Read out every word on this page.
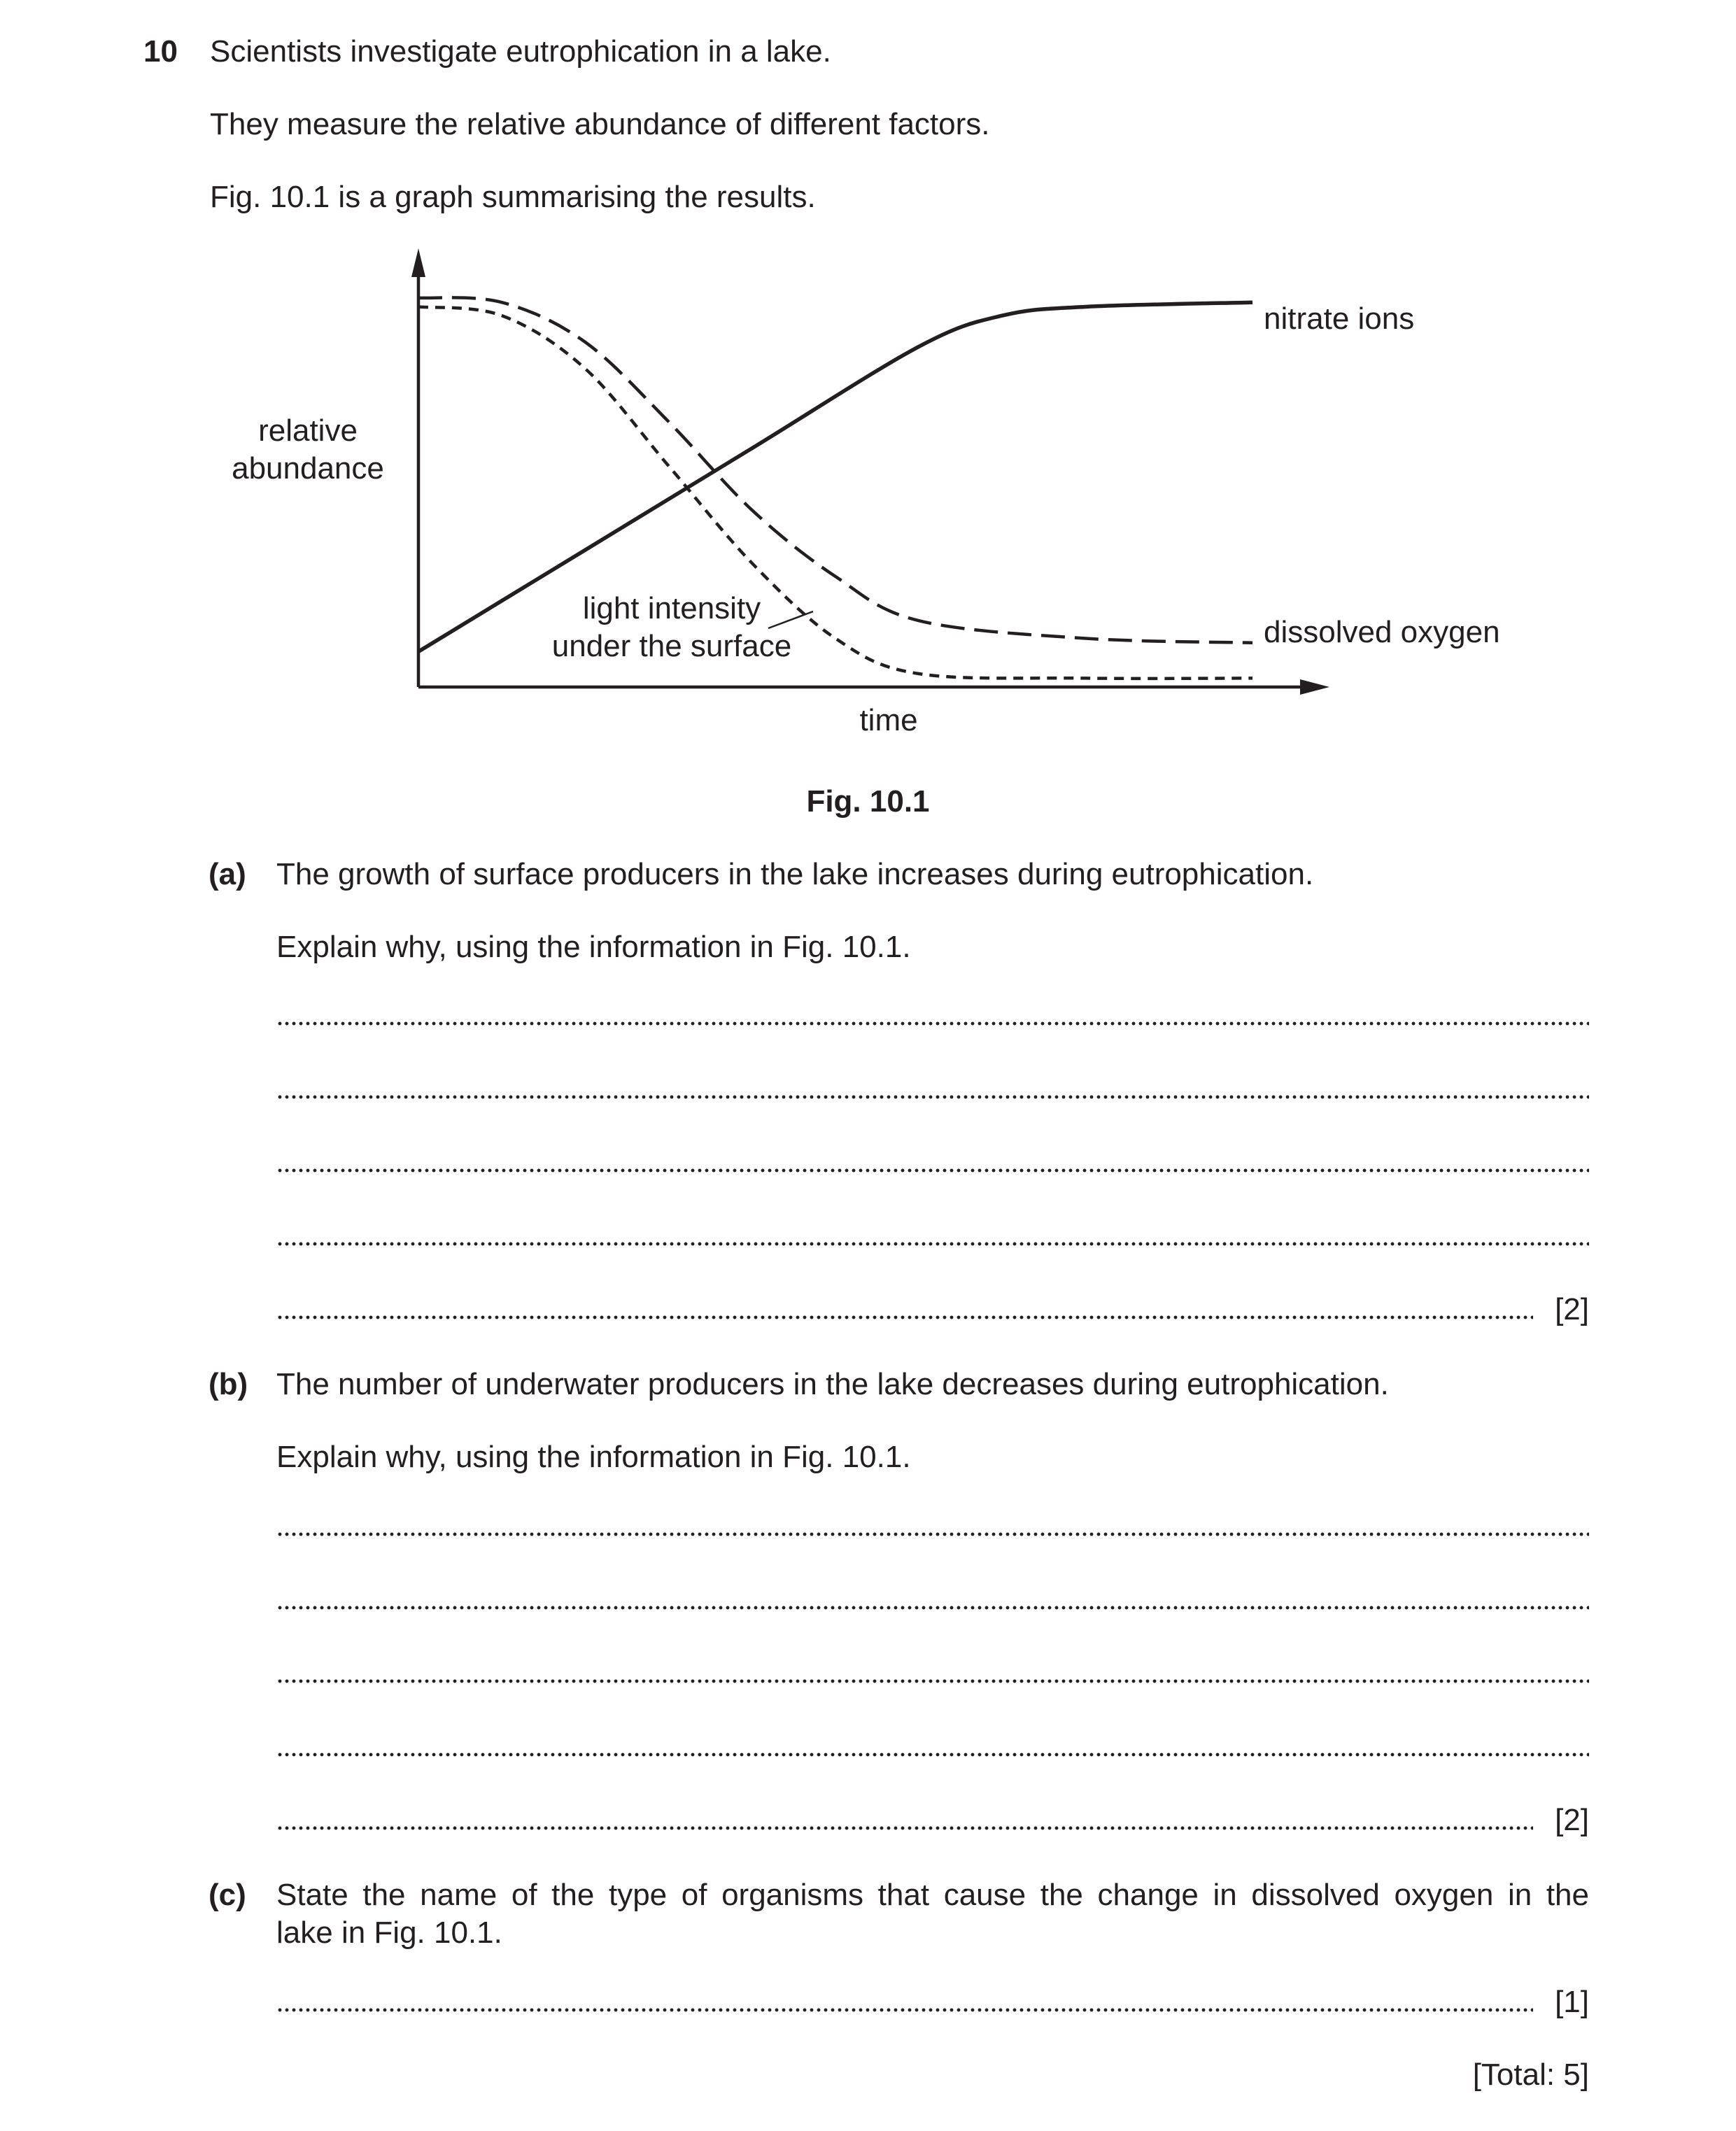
10 Scientists investigate eutrophication in a lake.
They measure the relative abundance of different factors.
Fig. 10.1 is a graph summarising the results.
relative
abundance
time
nitrate ions
dissolved oxygen
light intensity
under the surface
Fig. 10.1
(a) The growth of surface producers in the lake increases during eutrophication.
Explain why, using the information in Fig. 10.1.
[2]
(b) The number of underwater producers in the lake decreases during eutrophication.
Explain why, using the information in Fig. 10.1.
[2]
(c) State the name of the type of organisms that cause the change in dissolved oxygen in the
lake in Fig. 10.1.
[1]
[Total: 5]
